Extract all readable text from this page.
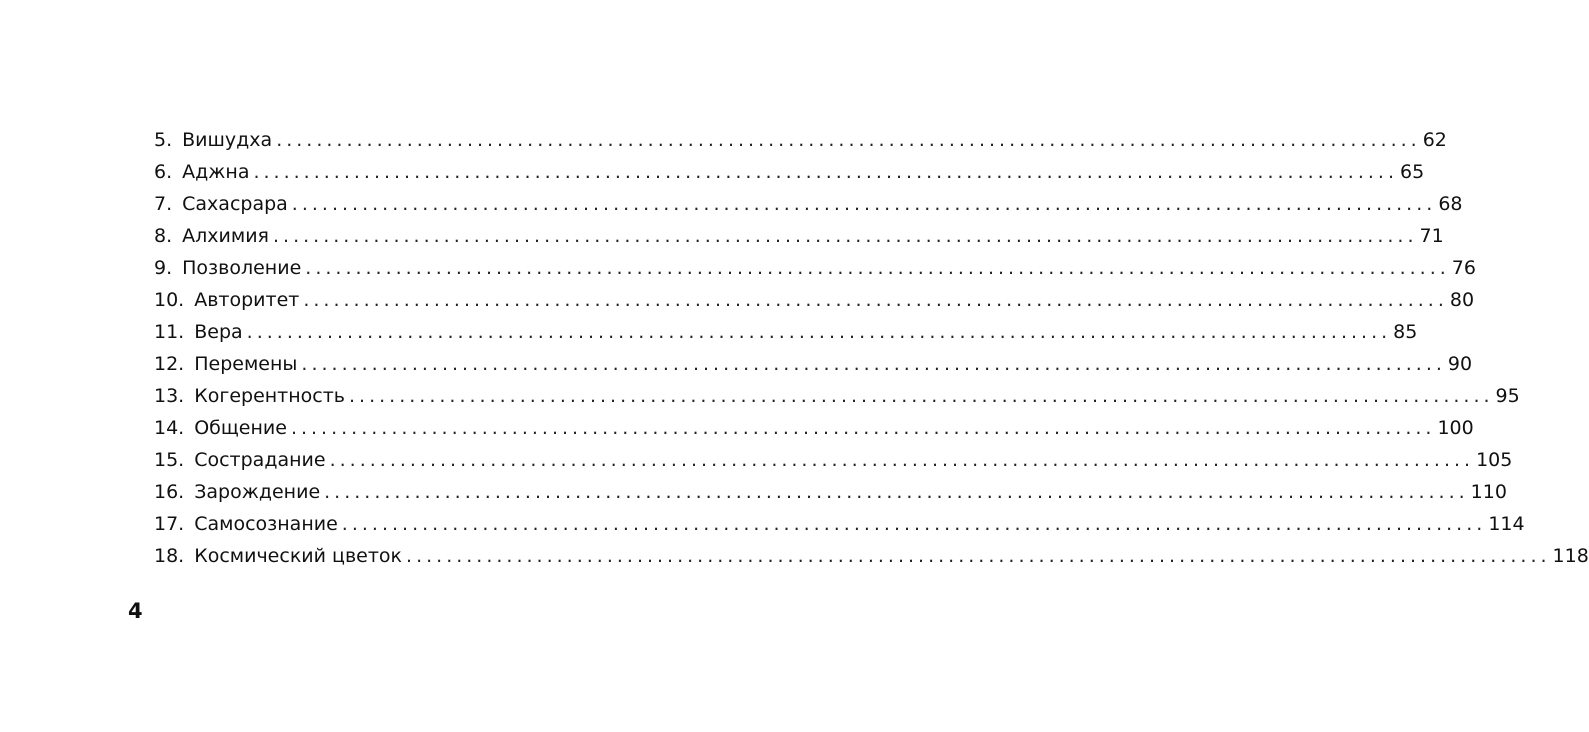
5. Вишудха .................................................................................................................. 62
6. Аджна .................................................................................................................. 65
7. Сахасрара .................................................................................................................. 68
8. Алхимия .................................................................................................................. 71
9. Позволение .................................................................................................................. 76
10. Авторитет .................................................................................................................. 80
11. Вера .................................................................................................................. 85
12. Перемены .................................................................................................................. 90
13. Когерентность .................................................................................................................. 95
14. Общение .................................................................................................................. 100
15. Сострадание .................................................................................................................. 105
16. Зарождение .................................................................................................................. 110
17. Самосознание .................................................................................................................. 114
18. Космический цветок .................................................................................................................. 118
4
